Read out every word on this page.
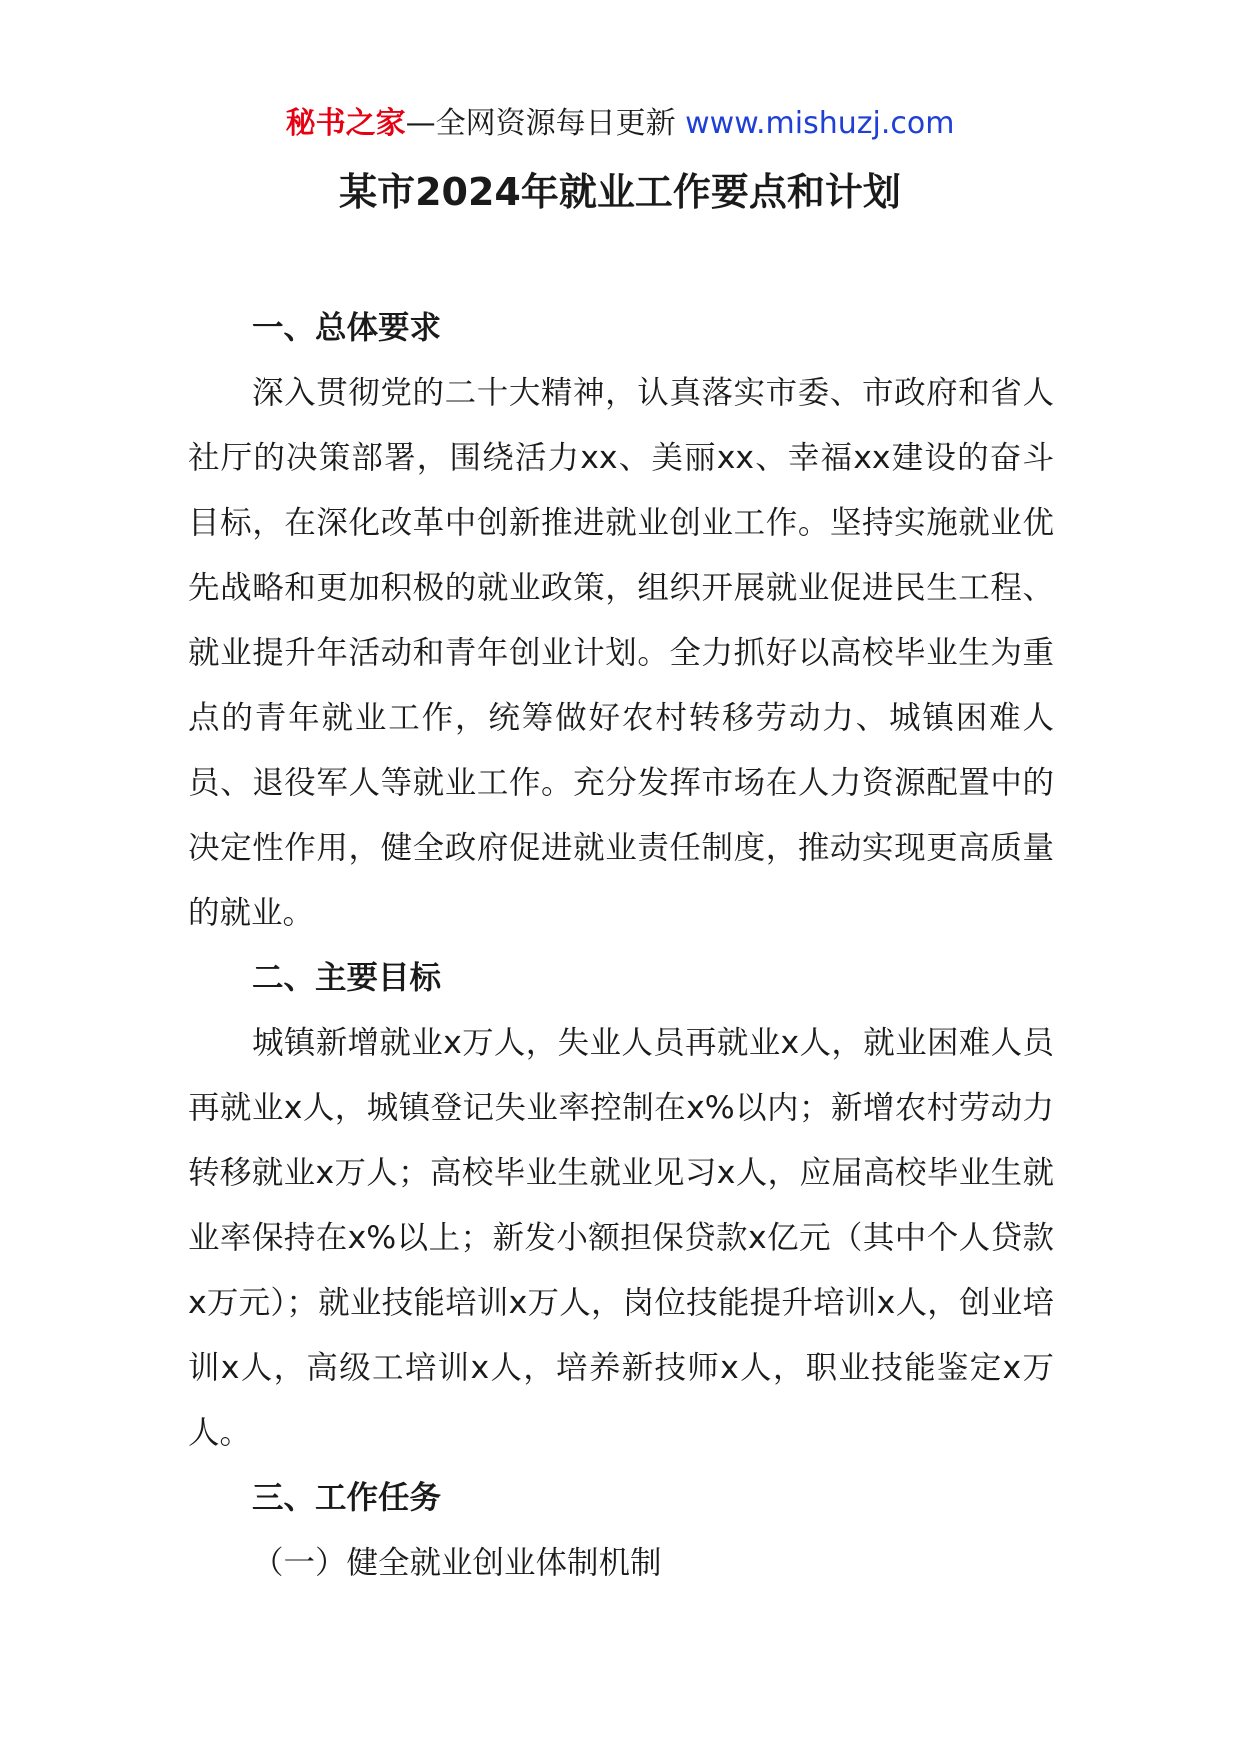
秘书之家—全网资源每日更新 www.mishuzj.com
某市2024年就业工作要点和计划

一、总体要求

深入贯彻党的二十大精神，认真落实市委、市政府和省人社厅的决策部署，围绕活力xx、美丽xx、幸福xx建设的奋斗目标，在深化改革中创新推进就业创业工作。坚持实施就业优先战略和更加积极的就业政策，组织开展就业促进民生工程、就业提升年活动和青年创业计划。全力抓好以高校毕业生为重点的青年就业工作，统筹做好农村转移劳动力、城镇困难人员、退役军人等就业工作。充分发挥市场在人力资源配置中的决定性作用，健全政府促进就业责任制度，推动实现更高质量的就业。

二、主要目标

城镇新增就业x万人，失业人员再就业x人，就业困难人员再就业x人，城镇登记失业率控制在x%以内；新增农村劳动力转移就业x万人；高校毕业生就业见习x人，应届高校毕业生就业率保持在x%以上；新发小额担保贷款x亿元（其中个人贷款x万元）；就业技能培训x万人，岗位技能提升培训x人，创业培训x人，高级工培训x人，培养新技师x人，职业技能鉴定x万人。

三、工作任务

（一）健全就业创业体制机制
